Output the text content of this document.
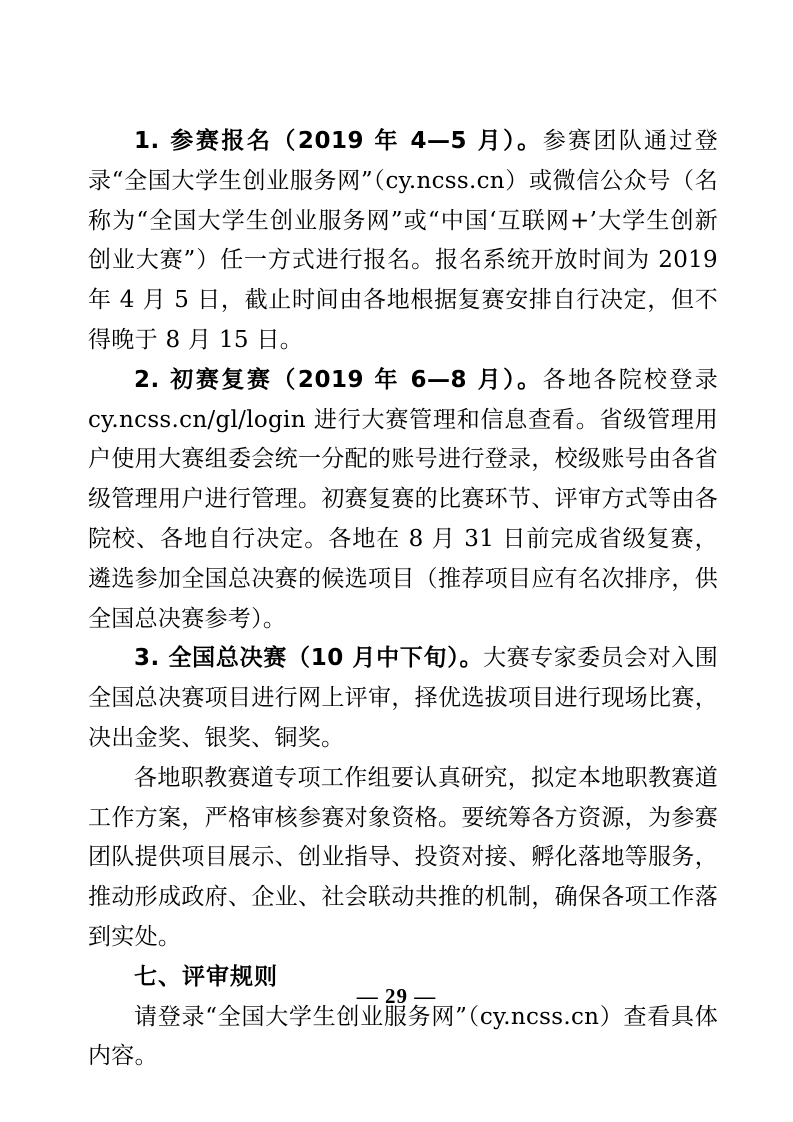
1. 参赛报名（2019 年 4—5 月）。参赛团队通过登录“全国大学生创业服务网”（cy.ncss.cn）或微信公众号（名称为“全国大学生创业服务网”或“中国‘互联网+’大学生创新创业大赛”）任一方式进行报名。报名系统开放时间为 2019 年 4 月 5 日，截止时间由各地根据复赛安排自行决定，但不得晚于 8 月 15 日。

2. 初赛复赛（2019 年 6—8 月）。各地各院校登录 cy.ncss.cn/gl/login 进行大赛管理和信息查看。省级管理用户使用大赛组委会统一分配的账号进行登录，校级账号由各省级管理用户进行管理。初赛复赛的比赛环节、评审方式等由各院校、各地自行决定。各地在 8 月 31 日前完成省级复赛，遴选参加全国总决赛的候选项目（推荐项目应有名次排序，供全国总决赛参考）。

3. 全国总决赛（10 月中下旬）。大赛专家委员会对入围全国总决赛项目进行网上评审，择优选拔项目进行现场比赛，决出金奖、银奖、铜奖。

各地职教赛道专项工作组要认真研究，拟定本地职教赛道工作方案，严格审核参赛对象资格。要统筹各方资源，为参赛团队提供项目展示、创业指导、投资对接、孵化落地等服务，推动形成政府、企业、社会联动共推的机制，确保各项工作落到实处。

七、评审规则

请登录“全国大学生创业服务网”（cy.ncss.cn）查看具体内容。

— 29 —
